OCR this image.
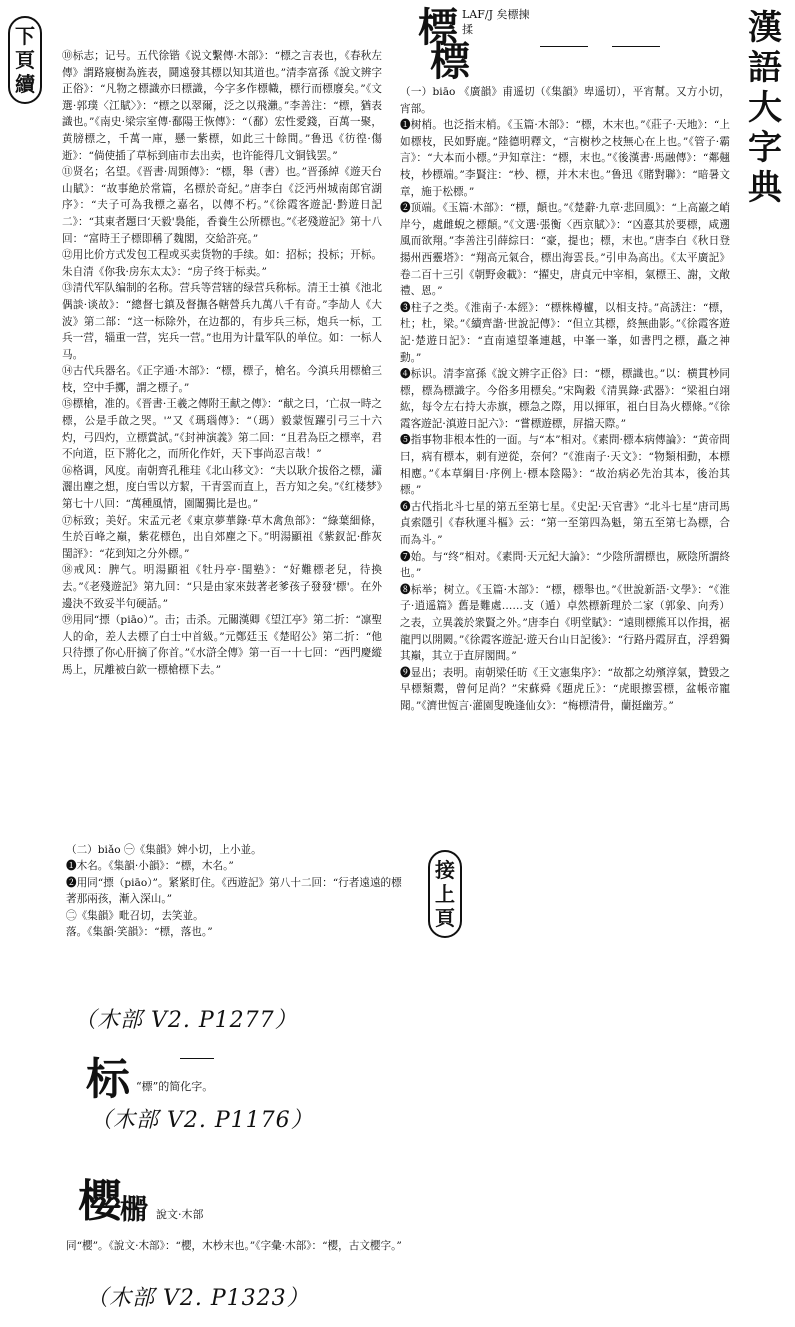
標 LAF/J 矣標揀
揉	漢語大字典
下頁續	標

⑩标志；记号。五代徐锴《说文繫傳·木部》：“標之言表也，《春秋左傳》謂路寢樹為旌表，鬪遠發其標以知其道也。”清李富孫《說文辨字正俗》：“凡物之標識亦曰標識，今字多作標幟，標行而標廢矣。”《文選·郭璞〈江賦〉》：“標之以翠爾，泛之以飛瀨。”李善注：“標，猶表識也。”《南史·梁宗室傳·鄱陽王恢傳》：“（鄱）宏性愛錢，百萬一聚，黄牓標之，千萬一庫，懸一紫標，如此三十餘間。”鲁迅《彷徨·傷逝》：“倘使插了草标到庙市去出卖，也许能得几文铜钱罢。”

⑪贤名；名望。《晋書·周顗傳》：“標，舉（書）也。”晋孫綽《遊天台山賦》：“故事絶於常篇，名標於奇紀。”唐李白《泛沔州城南郎官湖序》：“夫子可為我標之嘉名，以傳不朽。”《徐霞客遊記·黔遊日記二》：“其東者題曰‘天毅'裊能，香飬生公所標也。”《老殘遊記》第十八回：“富時王子標即稱了魏閣，交給許亮。”

⑫用比价方式发包工程或买卖货物的手续。如：招标；投标；开标。朱自清《你我·房东太太》：“房子终于标卖。”

⑬清代军队编制的名称。营兵等营辖的绿营兵称标。清王士禛《池北偶談·谈故》：“總督七鎮及督撫各轄營兵九萬八千有奇。”李劼人《大波》第二部：“这一标除外，在边都的，有步兵三标，炮兵一标，工兵一营，辎重一营，宪兵一营。”也用为计量军队的单位。如：一标人马。

⑭古代兵器名。《正字通·木部》：“標，標子，槍名。今滇兵用標槍三枝，空中手擲，謂之標子。”

⑮標槍，准的。《晋書·王羲之傳附王献之傳》：“献之曰，‘亡叔一時之標，公是手啟之哭。'”又《瑪瑙傳》：“（瑪）毅蒙恆躍引弓三十六灼，弓四灼，立標賞試。”《封神演義》第二回：“且君為臣之標率，君不向道，臣下將化之，而所化作奸，天下事尚忍言哉！”

⑯格调，风度。南朝齊孔稚珪《北山移文》：“夫以耿介拔俗之標，瀟灑出塵之想，度白雪以方絜，干青雲而直上，吾方知之矣。”《红楼梦》第七十八回：“萬種風情，園闈獨比是也。”

⑰标致；美好。宋孟元老《東京夢華錄·草木禽魚部》：“綠葉細條，生於百峰之巔，紫花標色，出自郊塵之下。”明湯顯祖《紫釵記·酢灰閨評》：“花到知之分外標。”

⑱戒风：脾气。明湯顯祖《牡丹亭·閨塾》：“好難標老兒，待換去。”《老殘遊記》第九回：“只是由家來鼓著老爹孩子發發‘標'。在外邊決不致妥半句硬話。”

⑲用同“摽（piāo）”。击；击杀。元關漢卿《望江亭》第二折：“凛聖人的命，差人去標了白士中首級。”元鄭廷玉《楚昭公》第二折：“他只待摽了你心肝摘了你首。”《水滸全傳》第一百一十七回：“西門慶縱馬上，尻離被白欽一標槍標下去。”

（一）biāo 《廣韻》甫遥切（《集韻》卑遥切），平宵幫。又方小切，宵部。

❶树梢。也泛指末梢。《玉篇·木部》：“標，木末也。”《莊子·天地》：“上如標枝，民如野鹿。”陸德明釋文，“言樹杪之枝無心在上也。”《管子·霸言》：“大本而小標。”尹知章注：“標，末也。”《後漢書·馬融傳》：“鄰翹枝，杪標端。”李賢注：“杪、標，并木末也。”鲁迅《賭對聯》：“暗暑文章，施于松標。”

❷顶端。《玉篇·木部》：“標，顛也。”《楚辭·九章·悲回風》：“上高巖之峭岸兮，處雌蜺之標顛。”《文選·張衡〈西京賦〉》：“凶憙其於要標，咸遡風而欲翔。”李善注引薛綜曰：“豪，提也；標，末也。”唐李白《秋日登揚州西靈塔》：“翔高元氣合，標出海雲長。”引申為高出。《太平廣記》卷二百十三引《朝野僉載》：“擢史，唐貞元中宰相，氣標王、謝，文敞禮、恩。”

❸柱子之类。《淮南子·本經》：“標株樽櫨，以相支持。”高誘注：“標，杜；杜，梁。”《續齊諧·世說記傳》：“但立其標，終無曲影。”《徐霞客遊記·楚遊日記》：“直南遠望峯連越，中峯一峯，如書門之標，矗之神動。”

❹标识。清李富孫《說文辨字正俗》曰：“標，標識也。”以：横貫杪同標，標為標識字。今俗多用標矣。”宋陶穀《清異錄·武器》：“梁祖白翊紘，每令左右持大赤旗，標急之際，用以揮軍，祖白目為火標條。”《徐霞客遊記·滇遊日記六》：“嘗標遊標，屏擋天際。”

❺指事物非根本性的一面。与“本”相对。《素問·標本病傳論》：“黄帝問曰，病有標本，刺有逆從，奈何？”《淮南子·天文》：“物類相動，本標相應。”《本草綱目·序例上·標本陰陽》：“故治病必先治其本，後治其標。”

❻古代指北斗七星的第五至第七星。《史記·天官書》“北斗七星”唐司馬貞索隱引《春秋運斗樞》云：“第一至第四為魁，第五至第七為標，合而為斗。”

❼始。与“终”相对。《素問·天元紀大論》：“少陰所謂標也，厥陰所謂終也。”

❽标举；树立。《玉篇·木部》：“標，標舉也。”《世說新語·文學》：“《淮子·逍遥篇》舊是難處……支（遁）卓然標新理於二家（郭象、向秀）之表，立異義於衆賢之外。”唐李白《明堂賦》：“遠則標熊耳以作揖，裾龍門以開闕。”《徐霞客遊記·遊天台山日記後》：“行路丹霞屏直，浮碧獨其巔，其立于直屏閣間。”

❾显出；表明。南朝梁任昉《王文憲集序》：“故都之幼殯淳氣，贊毀之早標類鬻，曾何足尚？”宋蘇舜《題虎丘》：“虎眼擦雲標，盆帳帝寵聞。”《濟世恆言·灌園叟晚逢仙女》：“梅標清骨，蘭挺幽芳。”

接上頁

（二）biǎo ㊀《集韻》婢小切，上小並。

❶木名。《集韻·小韻》：“標，木名。”

❷用同“摽（piāo）”。紧紧盯住。《西遊記》第八十二回：“行者遠遠的標著那兩孩，漸入深山。”

㊁《集韻》毗召切，去笑並。

落。《集韻·笑韻》：“標，落也。”

（木部 V2. P1277）
标 “標”的简化字。
（木部 V2. P1176）
櫻
𣝗 說文·木部

同“櫻”。《說文·木部》：“櫻，木杪末也。”《字彙·木部》：“櫻，古文櫻字。”

（木部 V2. P1323）
